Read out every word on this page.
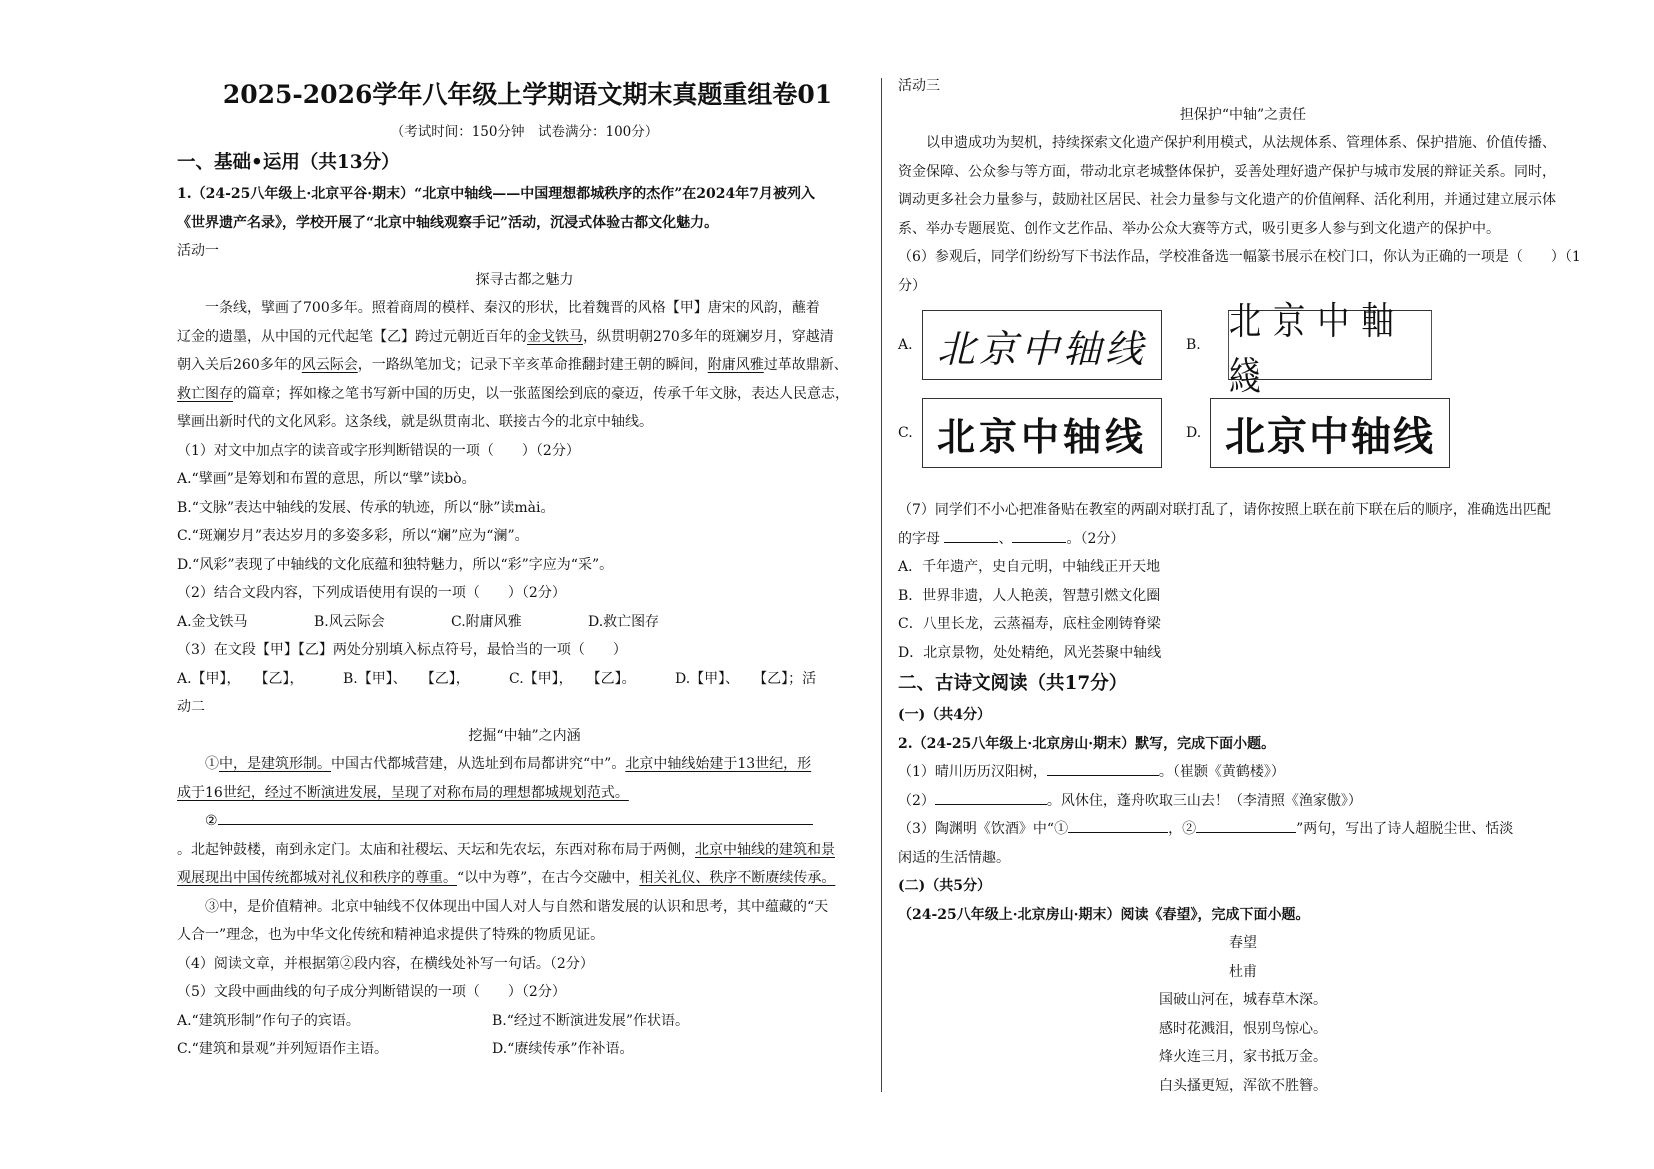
2025-2026学年八年级上学期语文期末真题重组卷01
（考试时间：150分钟　试卷满分：100分）
一、基础•运用（共13分）
1.（24-25八年级上·北京平谷·期末）“北京中轴线——中国理想都城秩序的杰作”在2024年7月被列入
《世界遗产名录》，学校开展了“北京中轴线观察手记”活动，沉浸式体验古都文化魅力。
活动一
探寻古都之魅力
一条线，擘画了700多年。照着商周的模样、秦汉的形状，比着魏晋的风格【甲】唐宋的风韵，蘸着
辽金的遗墨，从中国的元代起笔【乙】跨过元朝近百年的金戈铁马，纵贯明朝270多年的斑斓岁月，穿越清
朝入关后260多年的风云际会，一路纵笔加戈；记录下辛亥革命推翻封建王朝的瞬间，附庸风雅过革故鼎新、
救亡图存的篇章；挥如椽之笔书写新中国的历史，以一张蓝图绘到底的豪迈，传承千年文脉，表达人民意志，
擘画出新时代的文化风彩。这条线，就是纵贯南北、联接古今的北京中轴线。
（1）对文中加点字的读音或字形判断错误的一项（　　）（2分）
A.“擘画”是筹划和布置的意思，所以“擘”读bò。
B.“文脉”表达中轴线的发展、传承的轨迹，所以“脉”读mài。
C.“斑斓岁月”表达岁月的多姿多彩，所以“斓”应为“澜”。
D.“风彩”表现了中轴线的文化底蕴和独特魅力，所以“彩”字应为“采”。
（2）结合文段内容，下列成语使用有误的一项（　　）（2分）
A.金戈铁马	B.风云际会	C.附庸风雅	D.救亡图存
（3）在文段【甲】【乙】两处分别填入标点符号，最恰当的一项（　　）
A.【甲】，　　【乙】，	B.【甲】、　　【乙】，	C.【甲】，　　【乙】。	D.【甲】、　　【乙】；活
动二
挖掘“中轴”之内涵
①中，是建筑形制。中国古代都城营建，从选址到布局都讲究“中”。北京中轴线始建于13世纪，形
成于16世纪，经过不断演进发展，呈现了对称布局的理想都城规划范式。
②
。北起钟鼓楼，南到永定门。太庙和社稷坛、天坛和先农坛，东西对称布局于两侧，北京中轴线的建筑和景
观展现出中国传统都城对礼仪和秩序的尊重。“以中为尊”，在古今交融中，相关礼仪、秩序不断赓续传承。
③中，是价值精神。北京中轴线不仅体现出中国人对人与自然和谐发展的认识和思考，其中蕴藏的“天
人合一”理念，也为中华文化传统和精神追求提供了特殊的物质见证。
（4）阅读文章，并根据第②段内容，在横线处补写一句话。（2分）
（5）文段中画曲线的句子成分判断错误的一项（　　）（2分）
A.“建筑形制”作句子的宾语。	B.“经过不断演进发展”作状语。
C.“建筑和景观”并列短语作主语。	D.“赓续传承”作补语。
活动三
担保护“中轴”之责任
以申遗成功为契机，持续探索文化遗产保护利用模式，从法规体系、管理体系、保护措施、价值传播、
资金保障、公众参与等方面，带动北京老城整体保护，妥善处理好遗产保护与城市发展的辩证关系。同时，
调动更多社会力量参与，鼓励社区居民、社会力量参与文化遗产的价值阐释、活化利用，并通过建立展示体
系、举办专题展览、创作文艺作品、举办公众大赛等方式，吸引更多人参与到文化遗产的保护中。
（6）参观后，同学们纷纷写下书法作品，学校准备选一幅篆书展示在校门口，你认为正确的一项是（　　）（1
分）
A. 北京中轴线	B.
北京中軸綫
C. 北京中轴线	D. 北京中轴线
（7）同学们不小心把准备贴在教室的两副对联打乱了，请你按照上联在前下联在后的顺序，准确选出匹配
的字母	、	。（2分）
A．千年遗产，史自元明，中轴线正开天地
B．世界非遗，人人艳羡，智慧引燃文化圈
C．八里长龙，云蒸福寿，底柱金刚铸脊梁
D．北京景物，处处精绝，风光荟聚中轴线
二、古诗文阅读（共17分）
(一)（共4分）
2.（24-25八年级上·北京房山·期末）默写，完成下面小题。
（1）晴川历历汉阳树，	。（崔颢《黄鹤楼》）
（2）	。风休住，蓬舟吹取三山去！（李清照《渔家傲》）
（3）陶渊明《饮酒》中“①	，②	”两句，写出了诗人超脱尘世、恬淡
闲适的生活情趣。
(二)（共5分）
（24-25八年级上·北京房山·期末）阅读《春望》，完成下面小题。
春望
杜甫
国破山河在，城春草木深。
感时花溅泪，恨别鸟惊心。
烽火连三月，家书抵万金。
白头搔更短，浑欲不胜簪。
